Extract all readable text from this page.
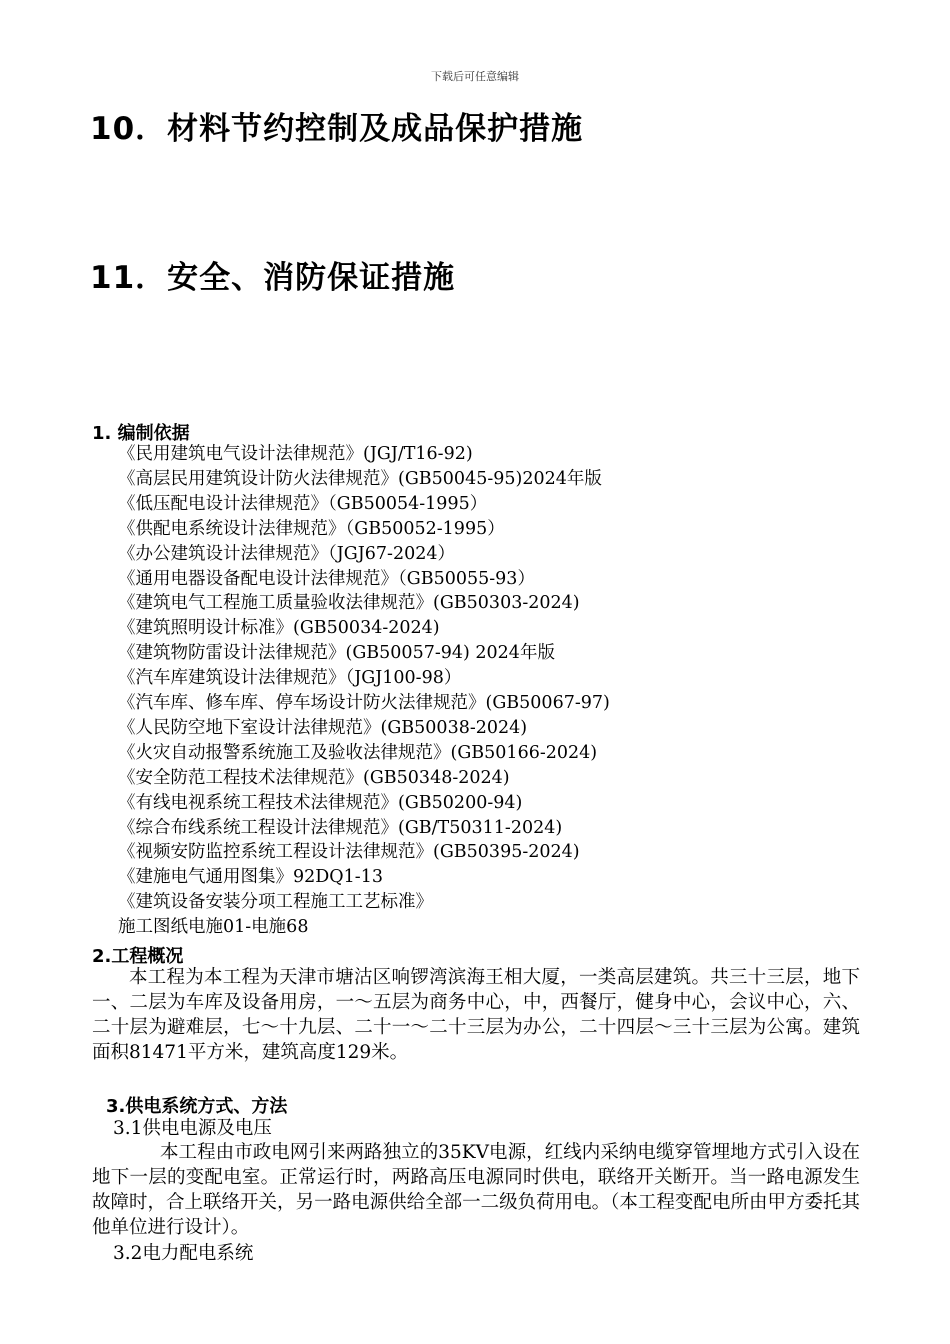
下载后可任意编辑
10．材料节约控制及成品保护措施
11．安全、消防保证措施
1. 编制依据
《民用建筑电气设计法律规范》(JGJ/T16-92)
《高层民用建筑设计防火法律规范》(GB50045-95)2024年版
《低压配电设计法律规范》（GB50054-1995）
《供配电系统设计法律规范》（GB50052-1995）
《办公建筑设计法律规范》（JGJ67-2024）
《通用电器设备配电设计法律规范》（GB50055-93）
《建筑电气工程施工质量验收法律规范》(GB50303-2024)
《建筑照明设计标准》(GB50034-2024)
《建筑物防雷设计法律规范》(GB50057-94) 2024年版
《汽车库建筑设计法律规范》（JGJ100-98）
《汽车库、修车库、停车场设计防火法律规范》(GB50067-97)
《人民防空地下室设计法律规范》(GB50038-2024)
《火灾自动报警系统施工及验收法律规范》(GB50166-2024)
《安全防范工程技术法律规范》(GB50348-2024)
《有线电视系统工程技术法律规范》(GB50200-94)
《综合布线系统工程设计法律规范》(GB/T50311-2024)
《视频安防监控系统工程设计法律规范》(GB50395-2024)
《建施电气通用图集》92DQ1-13
《建筑设备安装分项工程施工工艺标准》
施工图纸电施01-电施68
2.工程概况
本工程为本工程为天津市塘沽区响锣湾滨海王相大厦，一类高层建筑。共三十三层，地下一、二层为车库及设备用房，一～五层为商务中心，中，西餐厅，健身中心，会议中心，六、二十层为避难层，七～十九层、二十一～二十三层为办公，二十四层～三十三层为公寓。建筑面积81471平方米，建筑高度129米。
3.供电系统方式、方法
3.1供电电源及电压
本工程由市政电网引来两路独立的35KV电源，红线内采纳电缆穿管埋地方式引入设在地下一层的变配电室。正常运行时，两路高压电源同时供电，联络开关断开。当一路电源发生故障时，合上联络开关，另一路电源供给全部一二级负荷用电。（本工程变配电所由甲方委托其他单位进行设计）。
3.2电力配电系统
